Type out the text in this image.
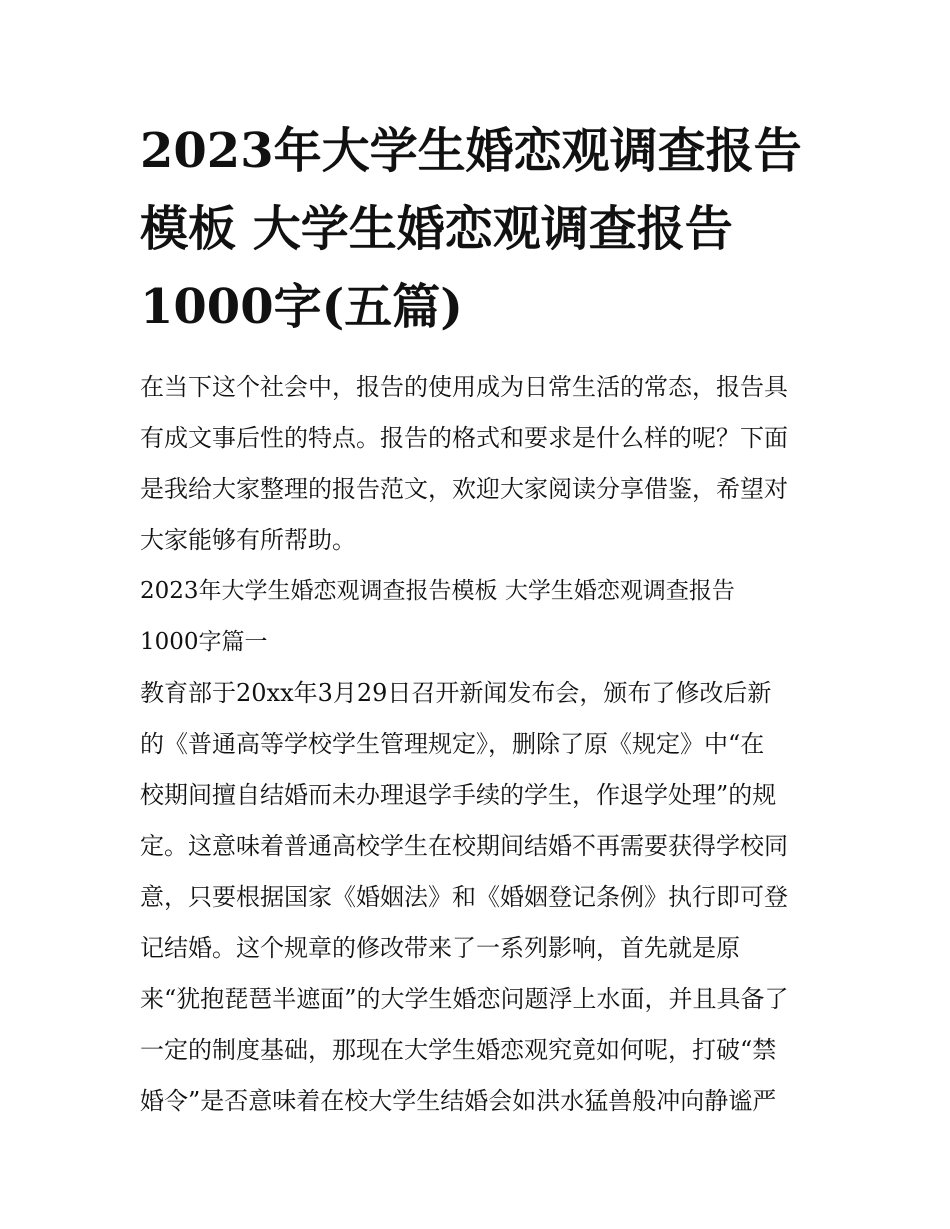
2023年大学生婚恋观调查报告
模板 大学生婚恋观调查报告
1000字(五篇)
在当下这个社会中，报告的使用成为日常生活的常态，报告具
有成文事后性的特点。报告的格式和要求是什么样的呢？下面
是我给大家整理的报告范文，欢迎大家阅读分享借鉴，希望对
大家能够有所帮助。
2023年大学生婚恋观调查报告模板 大学生婚恋观调查报告
1000字篇一
教育部于20xx年3月29日召开新闻发布会，颁布了修改后新
的《普通高等学校学生管理规定》，删除了原《规定》中“在
校期间擅自结婚而未办理退学手续的学生，作退学处理”的规
定。这意味着普通高校学生在校期间结婚不再需要获得学校同
意，只要根据国家《婚姻法》和《婚姻登记条例》执行即可登
记结婚。这个规章的修改带来了一系列影响，首先就是原
来“犹抱琵琶半遮面”的大学生婚恋问题浮上水面，并且具备了
一定的制度基础，那现在大学生婚恋观究竟如何呢，打破“禁
婚令”是否意味着在校大学生结婚会如洪水猛兽般冲向静谧严
